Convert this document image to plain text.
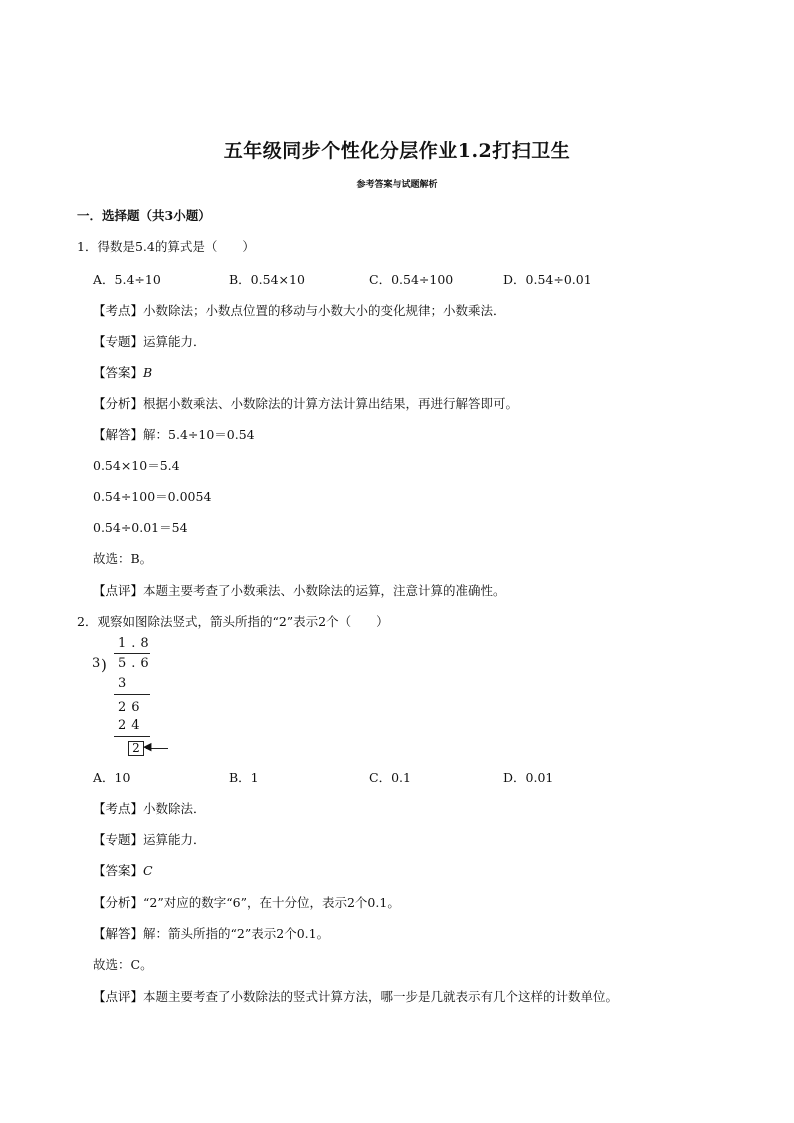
五年级同步个性化分层作业1.2打扫卫生
参考答案与试题解析
一．选择题（共3小题）
1．得数是5.4的算式是（　　）
A．5.4÷10	B．0.54×10	C．0.54÷100	D．0.54÷0.01
【考点】小数除法；小数点位置的移动与小数大小的变化规律；小数乘法．
【专题】运算能力．
【答案】B
【分析】根据小数乘法、小数除法的计算方法计算出结果，再进行解答即可。
【解答】解：5.4÷10＝0.54
0.54×10＝5.4
0.54÷100＝0.0054
0.54÷0.01＝54
故选：B。
【点评】本题主要考查了小数乘法、小数除法的运算，注意计算的准确性。
2．观察如图除法竖式，箭头所指的“2”表示2个（　　）
1.8
3 ) 5.6
3
26
24
2 ◀
A．10	B．1	C．0.1	D．0.01
【考点】小数除法．
【专题】运算能力．
【答案】C
【分析】“2”对应的数字“6”，在十分位，表示2个0.1。
【解答】解：箭头所指的“2”表示2个0.1。
故选：C。
【点评】本题主要考查了小数除法的竖式计算方法，哪一步是几就表示有几个这样的计数单位。
